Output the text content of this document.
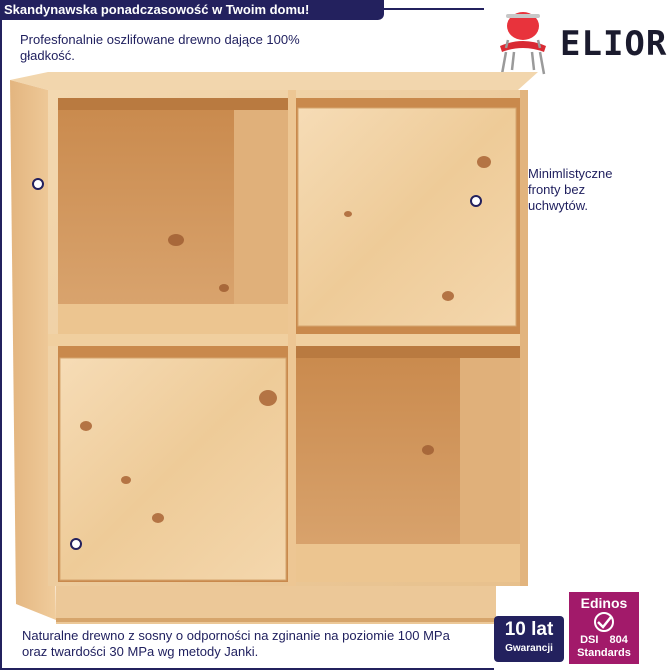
Skandynawska ponadczasowość w Twoim domu!
ELIOR
Profesfonalnie oszlifowane drewno dające 100% gładkość.
Minimlistyczne fronty bez uchwytów.
Naturalne drewno z sosny o odporności na zginanie na poziomie 100 MPa oraz twardości 30 MPa wg metody Janki.
10 lat
Gwarancji
Edinos
DSI 804
Standards
